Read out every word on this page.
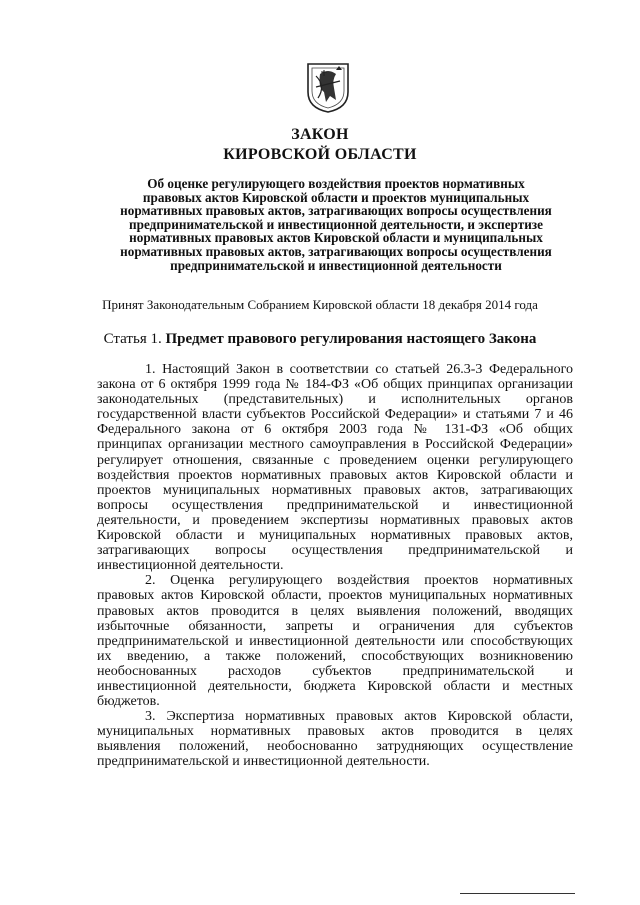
ЗАКОН
КИРОВСКОЙ ОБЛАСТИ
Об оценке регулирующего воздействия проектов нормативных
правовых актов Кировской области и проектов муниципальных
нормативных правовых актов, затрагивающих вопросы осуществления
предпринимательской и инвестиционной деятельности, и экспертизе
нормативных правовых актов Кировской области и муниципальных
нормативных правовых актов, затрагивающих вопросы осуществления
предпринимательской и инвестиционной деятельности
Принят Законодательным Собранием Кировской области 18 декабря 2014 года
Статья 1. Предмет правового регулирования настоящего Закона

1. Настоящий Закон в соответствии со статьей 26.3-3 Федерального
закона от 6 октября 1999 года № 184-ФЗ «Об общих принципах организации
законодательных (представительных) и исполнительных органов
государственной власти субъектов Российской Федерации» и статьями 7 и 46
Федерального закона от 6 октября 2003 года № 131-ФЗ «Об общих
принципах организации местного самоуправления в Российской Федерации»
регулирует отношения, связанные с проведением оценки регулирующего
воздействия проектов нормативных правовых актов Кировской области и
проектов муниципальных нормативных правовых актов, затрагивающих
вопросы осуществления предпринимательской и инвестиционной
деятельности, и проведением экспертизы нормативных правовых актов
Кировской области и муниципальных нормативных правовых актов,
затрагивающих вопросы осуществления предпринимательской и
инвестиционной деятельности.

2. Оценка регулирующего воздействия проектов нормативных
правовых актов Кировской области, проектов муниципальных нормативных
правовых актов проводится в целях выявления положений, вводящих
избыточные обязанности, запреты и ограничения для субъектов
предпринимательской и инвестиционной деятельности или способствующих
их введению, а также положений, способствующих возникновению
необоснованных расходов субъектов предпринимательской и
инвестиционной деятельности, бюджета Кировской области и местных
бюджетов.

3. Экспертиза нормативных правовых актов Кировской области,
муниципальных нормативных правовых актов проводится в целях
выявления положений, необоснованно затрудняющих осуществление
предпринимательской и инвестиционной деятельности.
